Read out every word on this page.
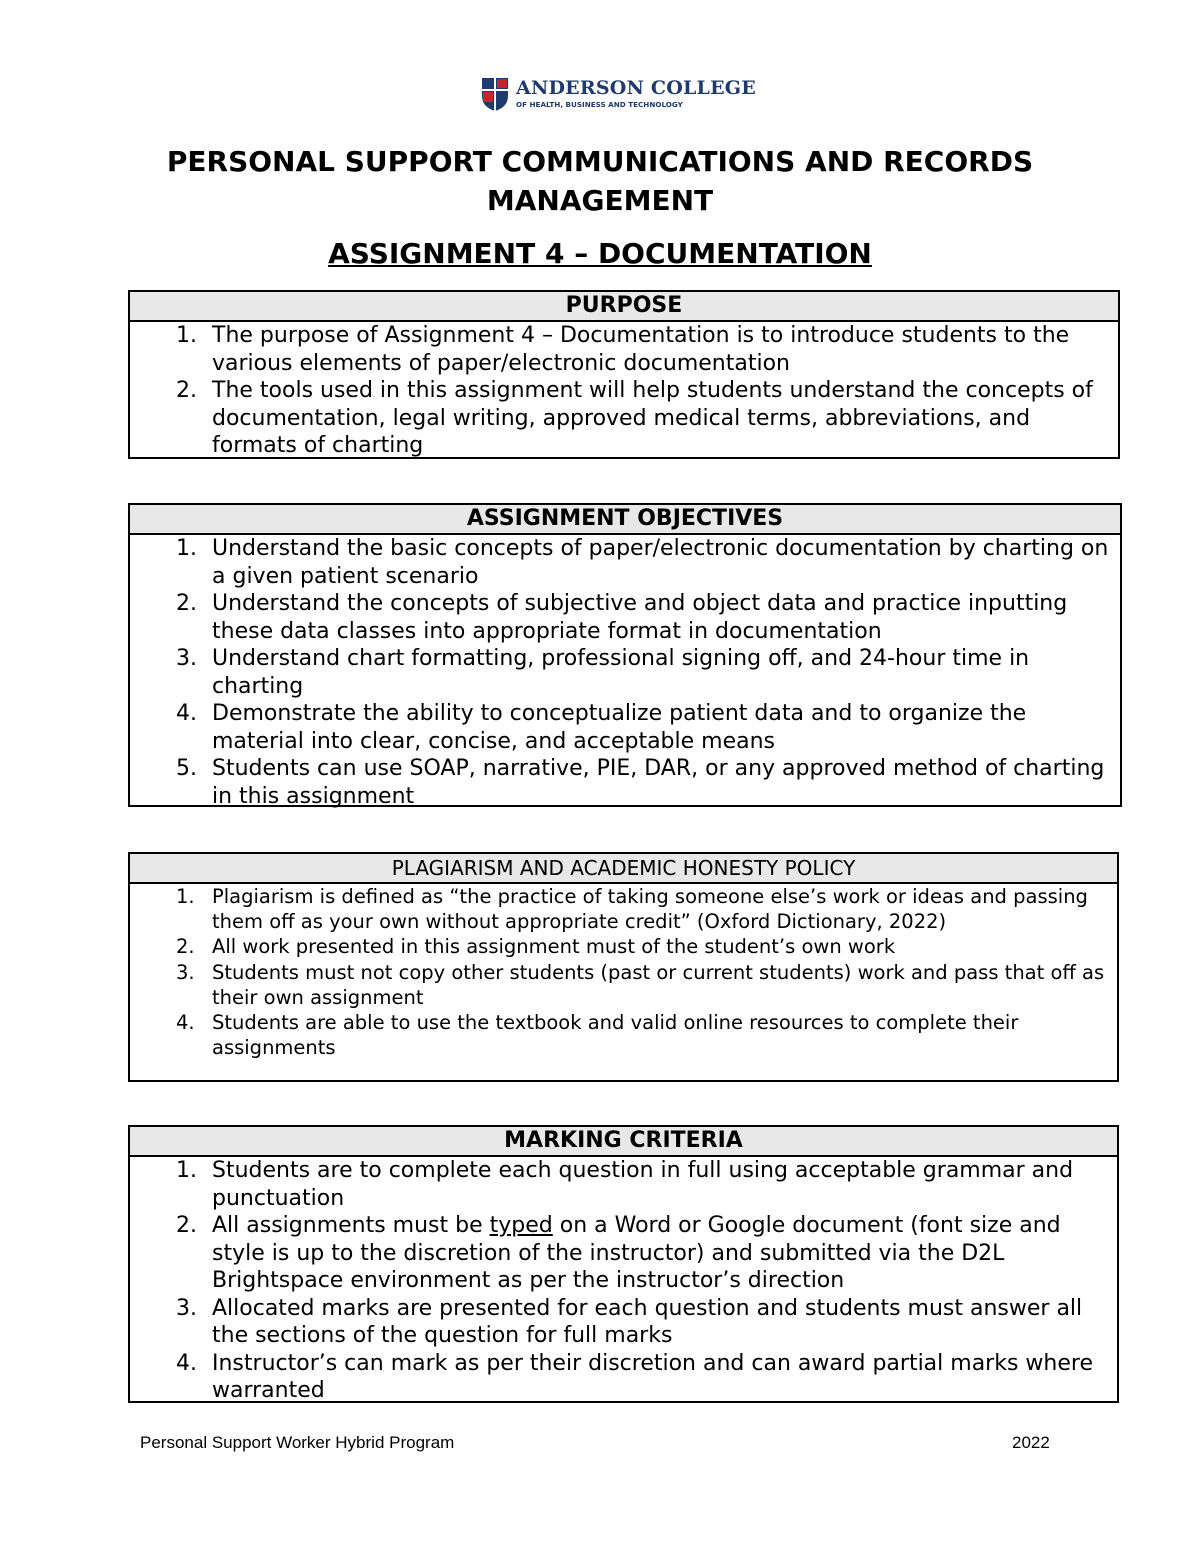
ANDERSON COLLEGE
OF HEALTH, BUSINESS AND TECHNOLOGY
PERSONAL SUPPORT COMMUNICATIONS AND RECORDS MANAGEMENT
ASSIGNMENT 4 – DOCUMENTATION
PURPOSE
1. The purpose of Assignment 4 – Documentation is to introduce students to the various elements of paper/electronic documentation
2. The tools used in this assignment will help students understand the concepts of documentation, legal writing, approved medical terms, abbreviations, and formats of charting
ASSIGNMENT OBJECTIVES
1. Understand the basic concepts of paper/electronic documentation by charting on a given patient scenario
2. Understand the concepts of subjective and object data and practice inputting these data classes into appropriate format in documentation
3. Understand chart formatting, professional signing off, and 24-hour time in charting
4. Demonstrate the ability to conceptualize patient data and to organize the material into clear, concise, and acceptable means
5. Students can use SOAP, narrative, PIE, DAR, or any approved method of charting in this assignment
PLAGIARISM AND ACADEMIC HONESTY POLICY
1. Plagiarism is defined as “the practice of taking someone else’s work or ideas and passing them off as your own without appropriate credit” (Oxford Dictionary, 2022)
2. All work presented in this assignment must of the student’s own work
3. Students must not copy other students (past or current students) work and pass that off as their own assignment
4. Students are able to use the textbook and valid online resources to complete their assignments
MARKING CRITERIA
1. Students are to complete each question in full using acceptable grammar and punctuation
2. All assignments must be typed on a Word or Google document (font size and style is up to the discretion of the instructor) and submitted via the D2L Brightspace environment as per the instructor’s direction
3. Allocated marks are presented for each question and students must answer all the sections of the question for full marks
4. Instructor’s can mark as per their discretion and can award partial marks where warranted
Personal Support Worker Hybrid Program	2022
